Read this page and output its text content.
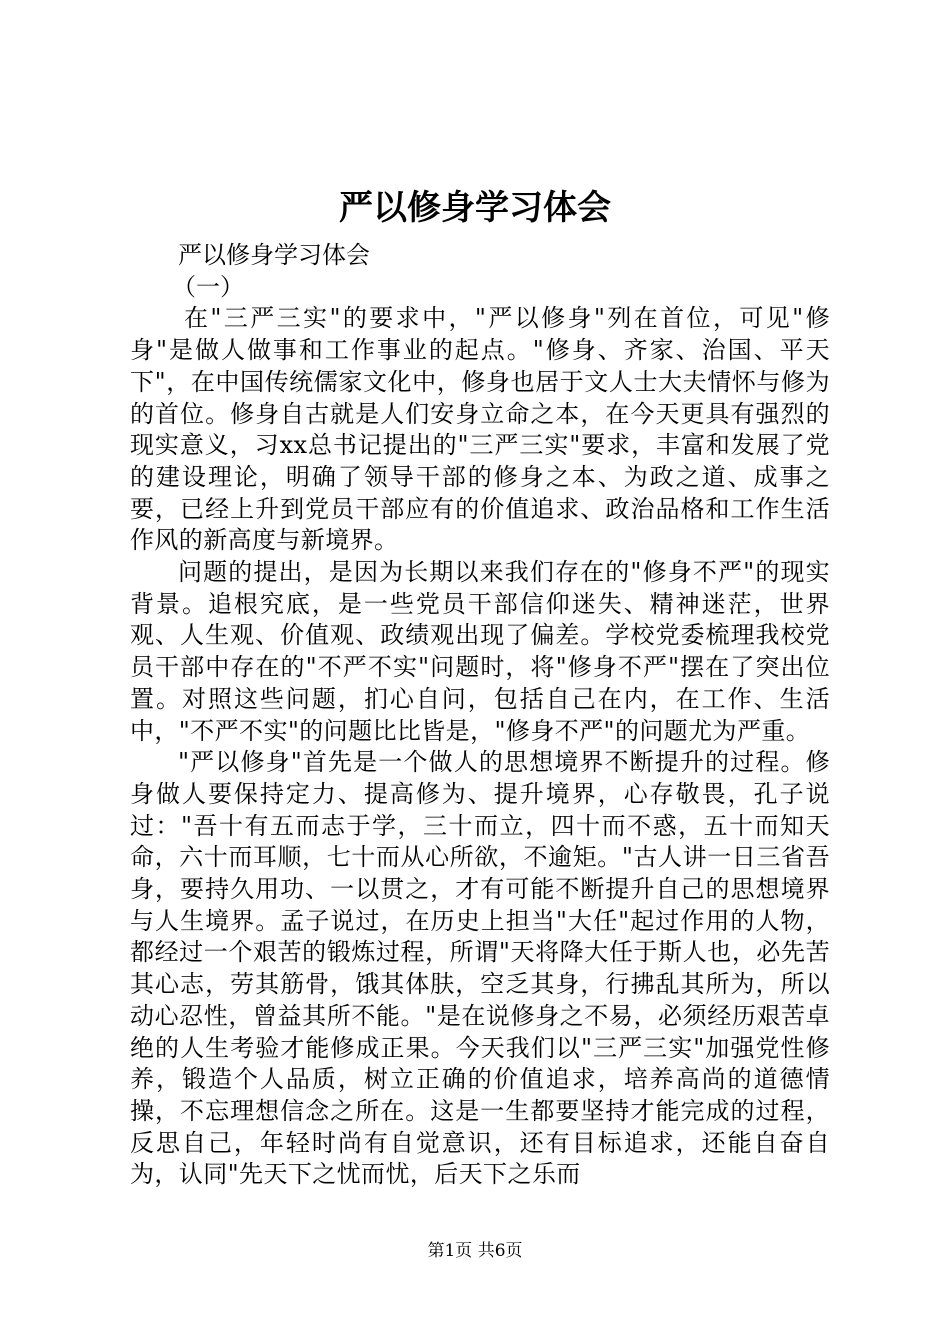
严以修身学习体会

严以修身学习体会

（一）

在"三严三实"的要求中，"严以修身"列在首位，可见"修身"是做人做事和工作事业的起点。"修身、齐家、治国、平天下"，在中国传统儒家文化中，修身也居于文人士大夫情怀与修为的首位。修身自古就是人们安身立命之本，在今天更具有强烈的现实意义，习xx总书记提出的"三严三实"要求，丰富和发展了党的建设理论，明确了领导干部的修身之本、为政之道、成事之要，已经上升到党员干部应有的价值追求、政治品格和工作生活作风的新高度与新境界。

问题的提出，是因为长期以来我们存在的"修身不严"的现实背景。追根究底，是一些党员干部信仰迷失、精神迷茫，世界观、人生观、价值观、政绩观出现了偏差。学校党委梳理我校党员干部中存在的"不严不实"问题时，将"修身不严"摆在了突出位置。对照这些问题，扪心自问，包括自己在内，在工作、生活中，"不严不实"的问题比比皆是，"修身不严"的问题尤为严重。

"严以修身"首先是一个做人的思想境界不断提升的过程。修身做人要保持定力、提高修为、提升境界，心存敬畏，孔子说过："吾十有五而志于学，三十而立，四十而不惑，五十而知天命，六十而耳顺，七十而从心所欲，不逾矩。"古人讲一日三省吾身，要持久用功、一以贯之，才有可能不断提升自己的思想境界与人生境界。孟子说过，在历史上担当"大任"起过作用的人物，都经过一个艰苦的锻炼过程，所谓"天将降大任于斯人也，必先苦其心志，劳其筋骨，饿其体肤，空乏其身，行拂乱其所为，所以动心忍性，曾益其所不能。"是在说修身之不易，必须经历艰苦卓绝的人生考验才能修成正果。今天我们以"三严三实"加强党性修养，锻造个人品质，树立正确的价值追求，培养高尚的道德情操，不忘理想信念之所在。这是一生都要坚持才能完成的过程，反思自己，年轻时尚有自觉意识，还有目标追求，还能自奋自为，认同"先天下之忧而忧，后天下之乐而

第1页 共6页
